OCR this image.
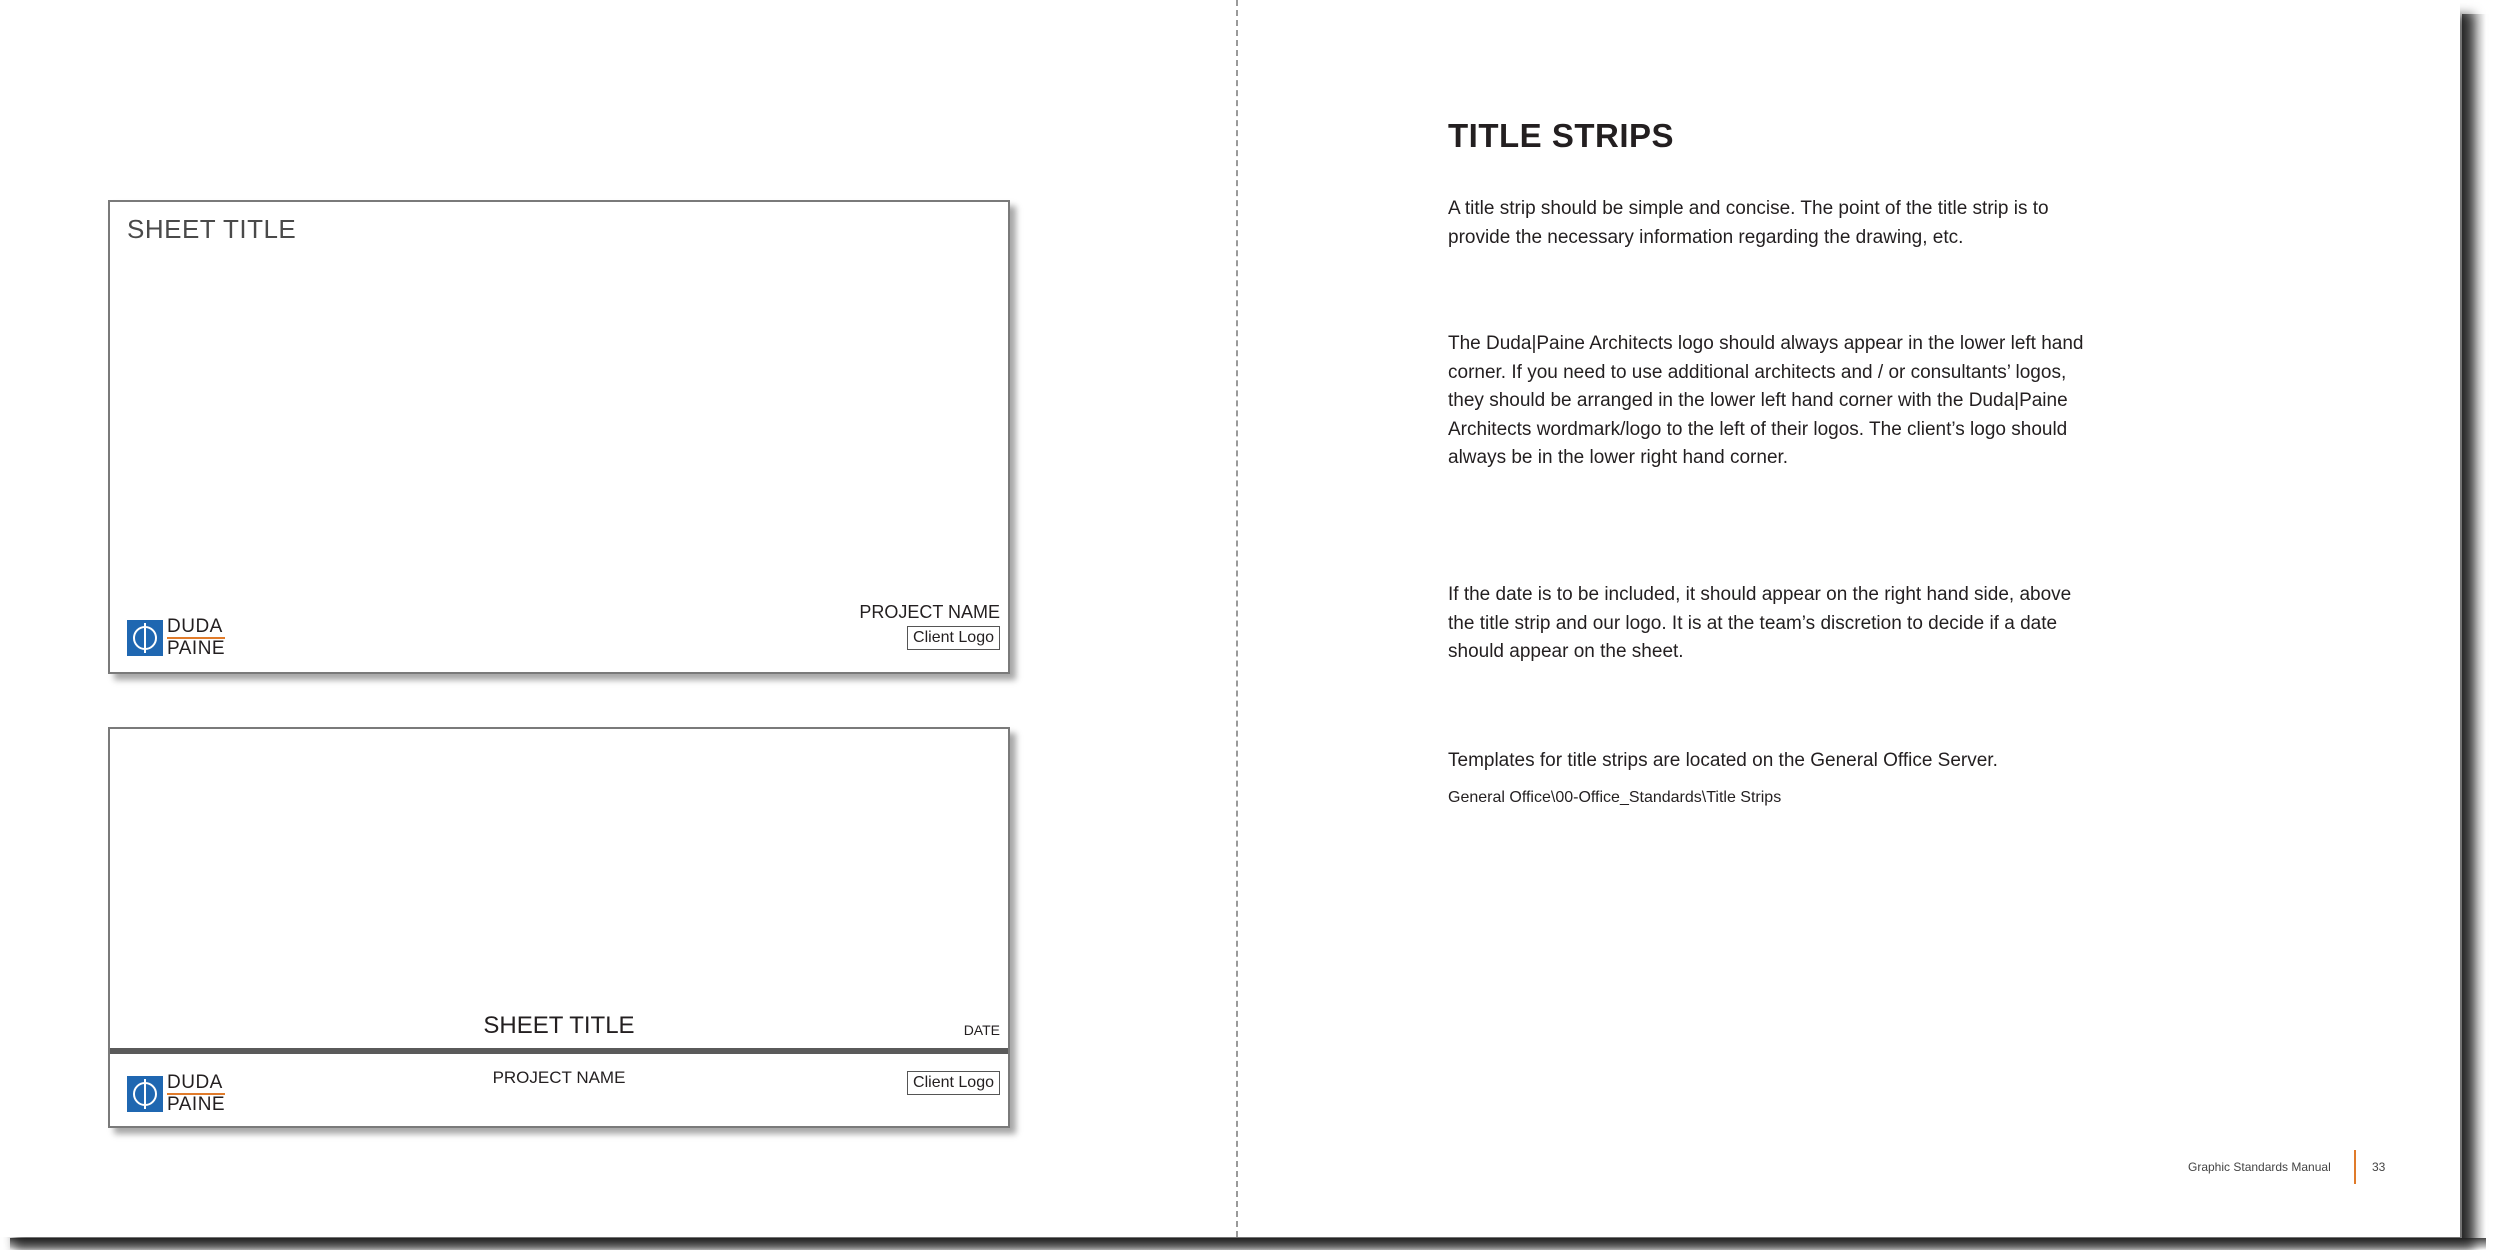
SHEET TITLE
DUDA
PAINE
PROJECT NAME
Client Logo
SHEET TITLE	DATE
DUDA
PAINE
PROJECT NAME	Client Logo
TITLE STRIPS

A title strip should be simple and concise. The point of the title strip is to provide the necessary information regarding the drawing, etc.

The Duda|Paine Architects logo should always appear in the lower left hand corner. If you need to use additional architects and / or consultants’ logos, they should be arranged in the lower left hand corner with the Duda|Paine Architects wordmark/logo to the left of their logos. The client’s logo should always be in the lower right hand corner.

If the date is to be included, it should appear on the right hand side, above the title strip and our logo. It is at the team’s discretion to decide if a date should appear on the sheet.

Templates for title strips are located on the General Office Server.

General Office\00-Office_Standards\Title Strips
Graphic Standards Manual	33
